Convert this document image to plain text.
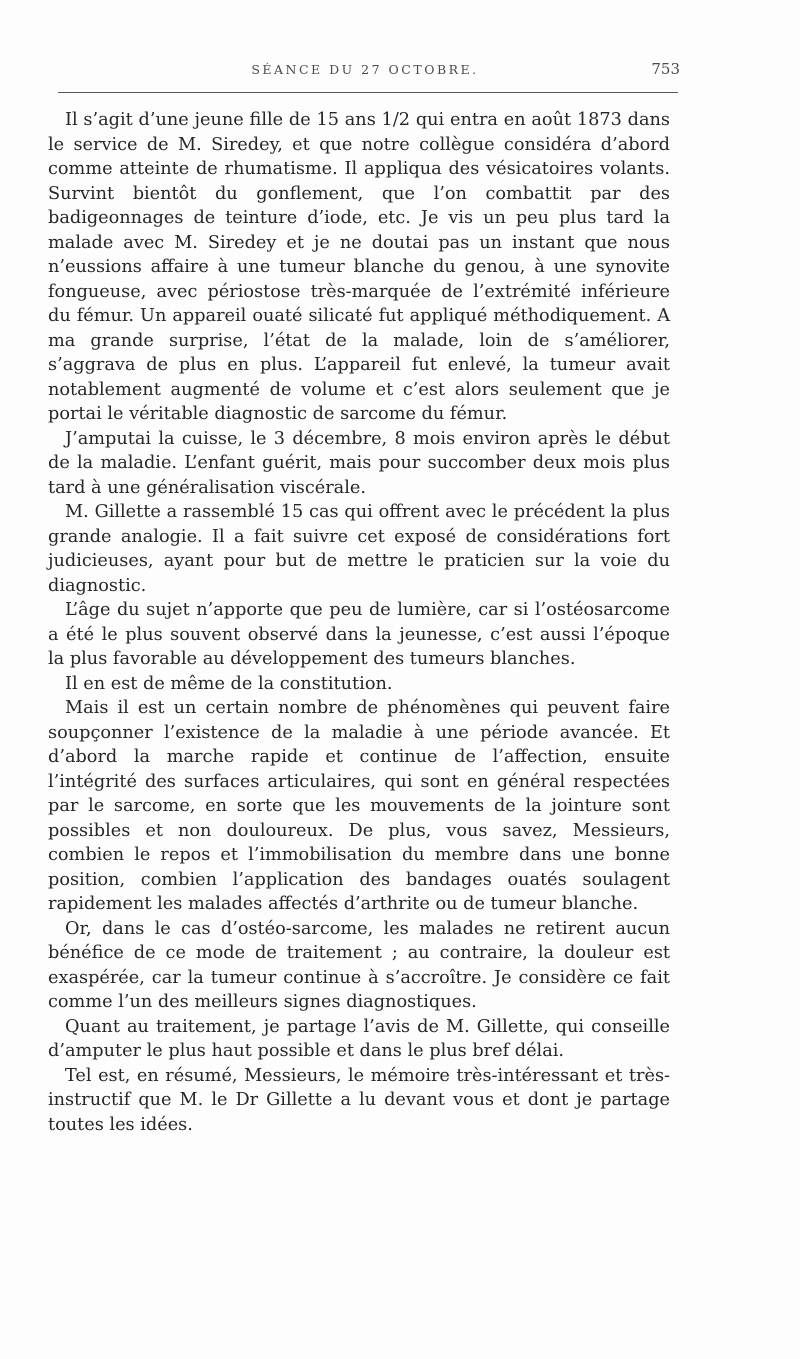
SÉANCE DU 27 OCTOBRE.	753

Il s’agit d’une jeune fille de 15 ans 1/2 qui entra en août 1873 dans le service de M. Siredey, et que notre collègue considéra d’abord comme atteinte de rhumatisme. Il appliqua des vésicatoires volants. Survint bientôt du gonflement, que l’on combattit par des badigeonnages de teinture d’iode, etc. Je vis un peu plus tard la malade avec M. Siredey et je ne doutai pas un instant que nous n’eussions affaire à une tumeur blanche du genou, à une synovite fongueuse, avec périostose très-marquée de l’extrémité inférieure du fémur. Un appareil ouaté silicaté fut appliqué méthodiquement. A ma grande surprise, l’état de la malade, loin de s’améliorer, s’aggrava de plus en plus. L’appareil fut enlevé, la tumeur avait notablement augmenté de volume et c’est alors seulement que je portai le véritable diagnostic de sarcome du fémur.

J’amputai la cuisse, le 3 décembre, 8 mois environ après le début de la maladie. L’enfant guérit, mais pour succomber deux mois plus tard à une généralisation viscérale.

M. Gillette a rassemblé 15 cas qui offrent avec le précédent la plus grande analogie. Il a fait suivre cet exposé de considérations fort judicieuses, ayant pour but de mettre le praticien sur la voie du diagnostic.

L’âge du sujet n’apporte que peu de lumière, car si l’ostéosarcome a été le plus souvent observé dans la jeunesse, c’est aussi l’époque la plus favorable au développement des tumeurs blanches.

Il en est de même de la constitution.

Mais il est un certain nombre de phénomènes qui peuvent faire soupçonner l’existence de la maladie à une période avancée. Et d’abord la marche rapide et continue de l’affection, ensuite l’intégrité des surfaces articulaires, qui sont en général respectées par le sarcome, en sorte que les mouvements de la jointure sont possibles et non douloureux. De plus, vous savez, Messieurs, combien le repos et l’immobilisation du membre dans une bonne position, combien l’application des bandages ouatés soulagent rapidement les malades affectés d’arthrite ou de tumeur blanche.

Or, dans le cas d’ostéo-sarcome, les malades ne retirent aucun bénéfice de ce mode de traitement ; au contraire, la douleur est exaspérée, car la tumeur continue à s’accroître. Je considère ce fait comme l’un des meilleurs signes diagnostiques.

Quant au traitement, je partage l’avis de M. Gillette, qui conseille d’amputer le plus haut possible et dans le plus bref délai.

Tel est, en résumé, Messieurs, le mémoire très-intéressant et très-instructif que M. le Dr Gillette a lu devant vous et dont je partage toutes les idées.
